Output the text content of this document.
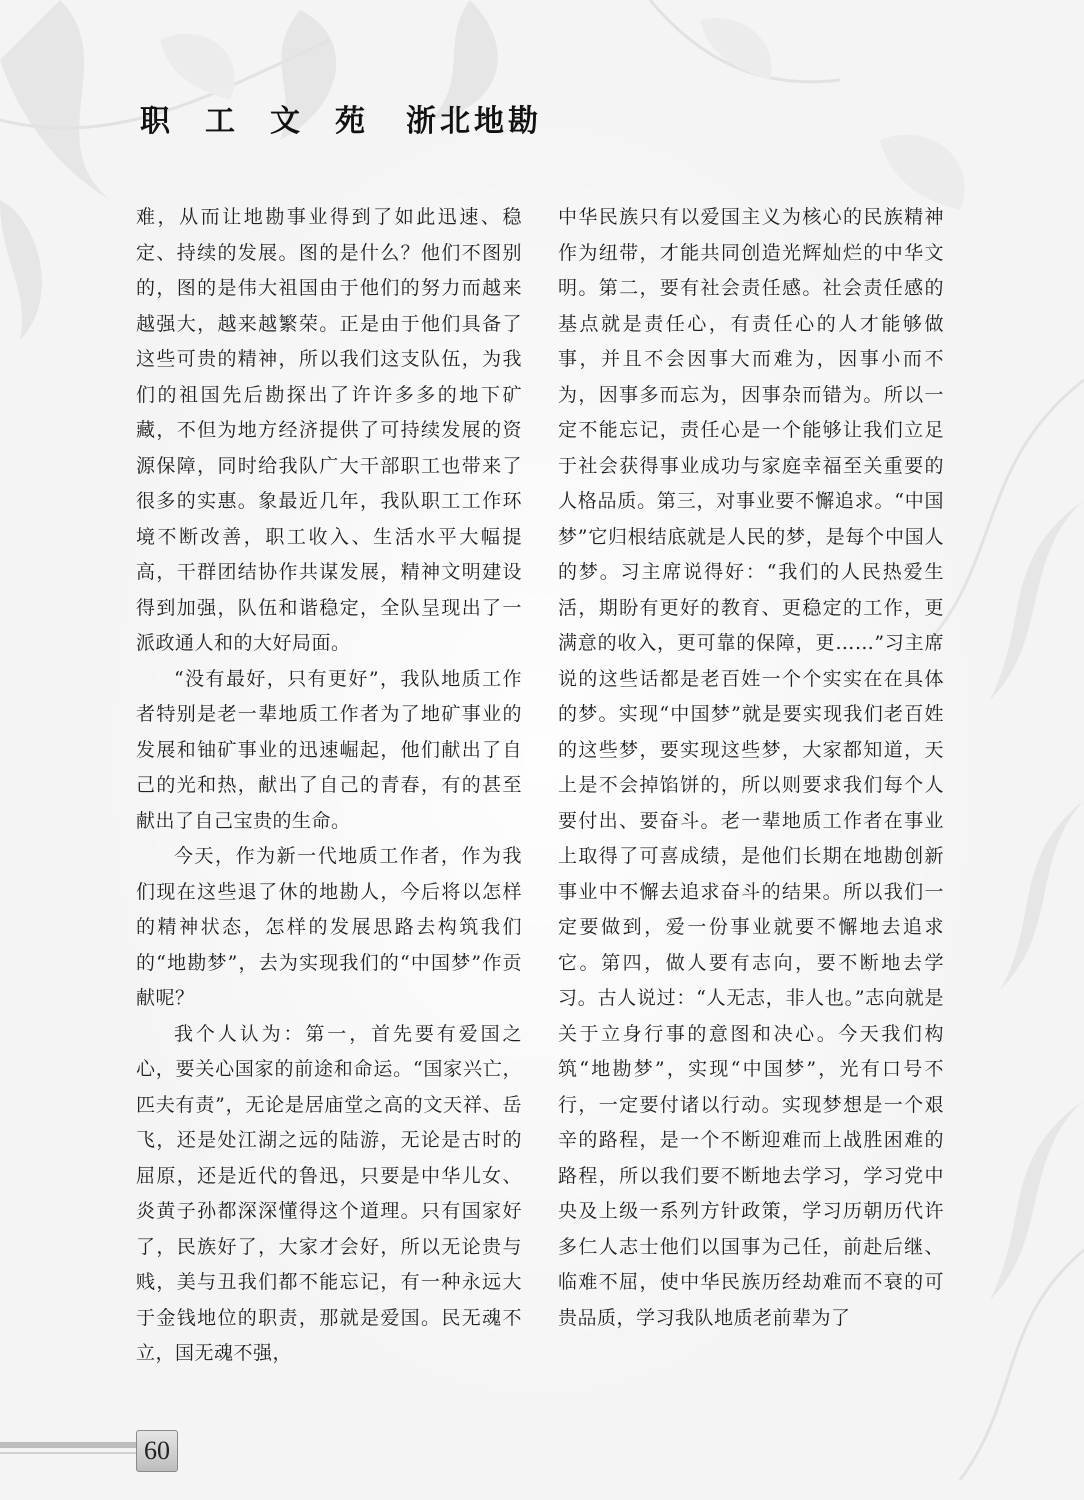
职工文苑 浙北地勘

难，从而让地勘事业得到了如此迅速、稳定、持续的发展。图的是什么？他们不图别的，图的是伟大祖国由于他们的努力而越来越强大，越来越繁荣。正是由于他们具备了这些可贵的精神，所以我们这支队伍，为我们的祖国先后勘探出了许许多多的地下矿藏，不但为地方经济提供了可持续发展的资源保障，同时给我队广大干部职工也带来了很多的实惠。象最近几年，我队职工工作环境不断改善，职工收入、生活水平大幅提高，干群团结协作共谋发展，精神文明建设得到加强，队伍和谐稳定，全队呈现出了一派政通人和的大好局面。

“没有最好，只有更好”，我队地质工作者特别是老一辈地质工作者为了地矿事业的发展和铀矿事业的迅速崛起，他们献出了自己的光和热，献出了自己的青春，有的甚至献出了自己宝贵的生命。

今天，作为新一代地质工作者，作为我们现在这些退了休的地勘人，今后将以怎样的精神状态，怎样的发展思路去构筑我们的“地勘梦”，去为实现我们的“中国梦”作贡献呢？

我个人认为：第一，首先要有爱国之心，要关心国家的前途和命运。“国家兴亡，匹夫有责”，无论是居庙堂之高的文天祥、岳飞，还是处江湖之远的陆游，无论是古时的屈原，还是近代的鲁迅，只要是中华儿女、炎黄子孙都深深懂得这个道理。只有国家好了，民族好了，大家才会好，所以无论贵与贱，美与丑我们都不能忘记，有一种永远大于金钱地位的职责，那就是爱国。民无魂不立，国无魂不强，

中华民族只有以爱国主义为核心的民族精神作为纽带，才能共同创造光辉灿烂的中华文明。第二，要有社会责任感。社会责任感的基点就是责任心，有责任心的人才能够做事，并且不会因事大而难为，因事小而不为，因事多而忘为，因事杂而错为。所以一定不能忘记，责任心是一个能够让我们立足于社会获得事业成功与家庭幸福至关重要的人格品质。第三，对事业要不懈追求。“中国梦”它归根结底就是人民的梦，是每个中国人的梦。习主席说得好：“我们的人民热爱生活，期盼有更好的教育、更稳定的工作，更满意的收入，更可靠的保障，更……”习主席说的这些话都是老百姓一个个实实在在具体的梦。实现“中国梦”就是要实现我们老百姓的这些梦，要实现这些梦，大家都知道，天上是不会掉馅饼的，所以则要求我们每个人要付出、要奋斗。老一辈地质工作者在事业上取得了可喜成绩，是他们长期在地勘创新事业中不懈去追求奋斗的结果。所以我们一定要做到，爱一份事业就要不懈地去追求它。第四，做人要有志向，要不断地去学习。古人说过：“人无志，非人也。”志向就是关于立身行事的意图和决心。今天我们构筑“地勘梦”，实现“中国梦”，光有口号不行，一定要付诸以行动。实现梦想是一个艰辛的路程，是一个不断迎难而上战胜困难的路程，所以我们要不断地去学习，学习党中央及上级一系列方针政策，学习历朝历代许多仁人志士他们以国事为己任，前赴后继、临难不屈，使中华民族历经劫难而不衰的可贵品质，学习我队地质老前辈为了

60
